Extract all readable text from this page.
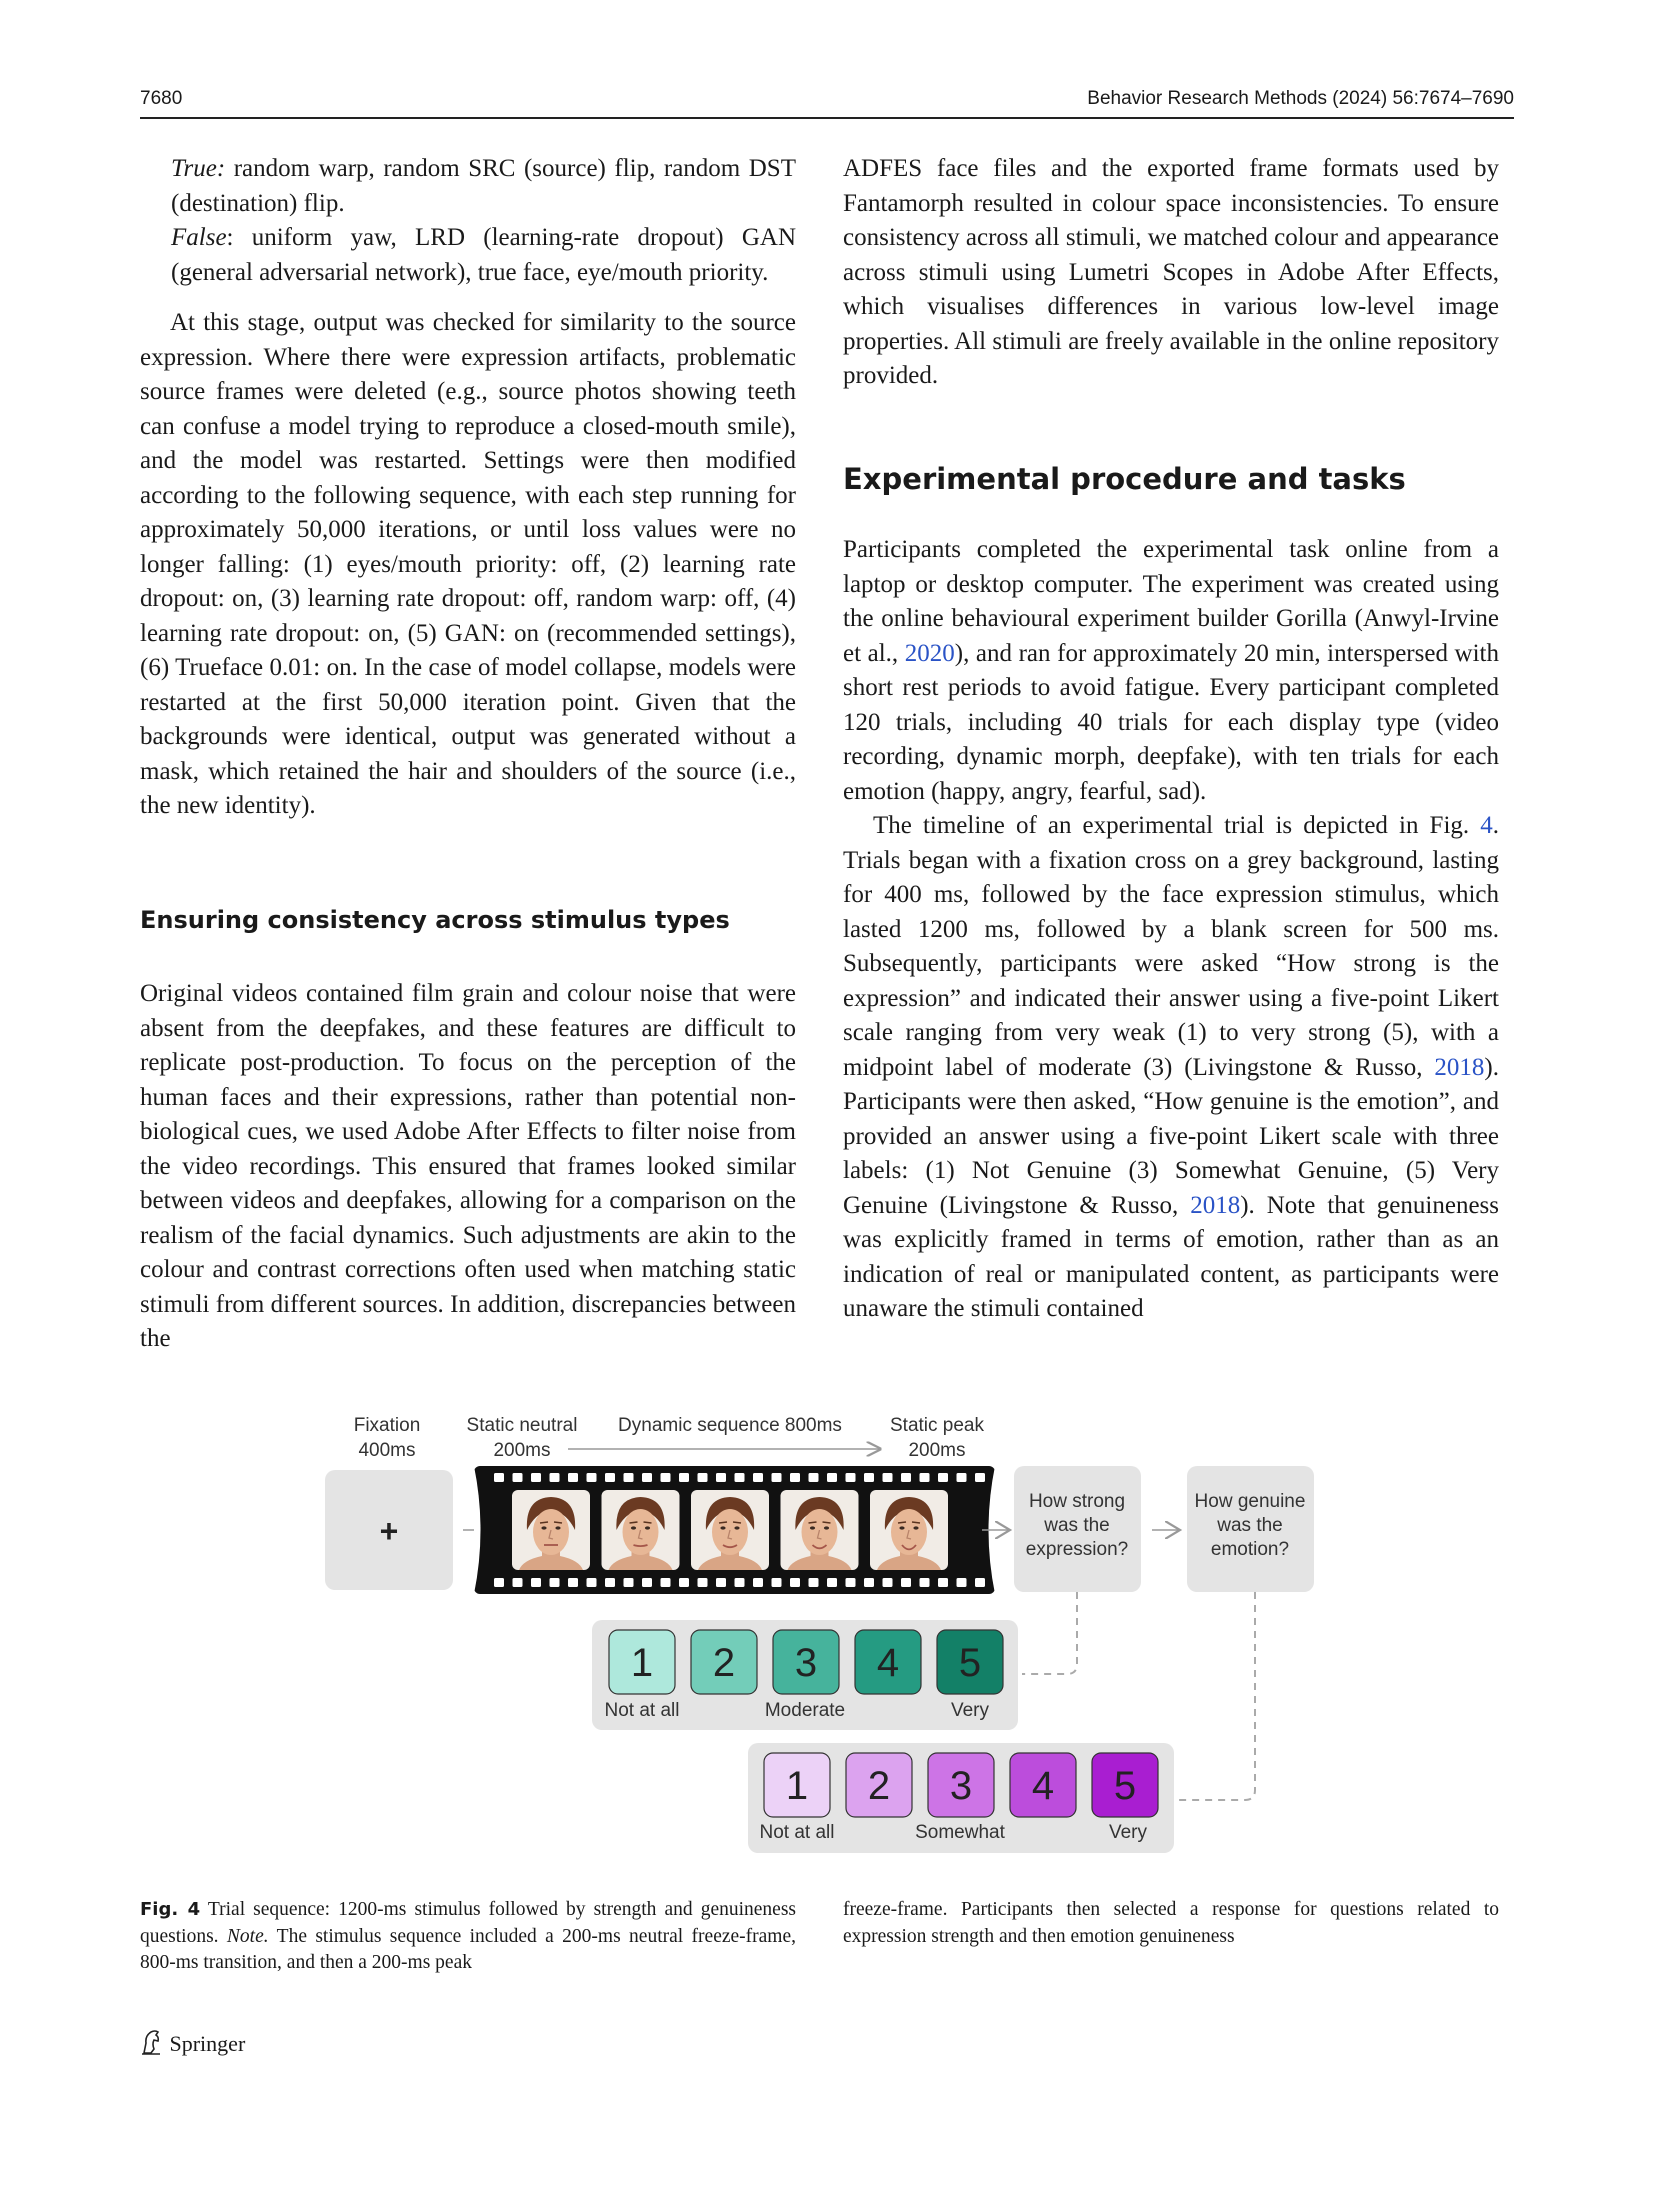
7680	Behavior Research Methods (2024) 56:7674–7690

True: random warp, random SRC (source) flip, random DST (destination) flip.

False: uniform yaw, LRD (learning-rate dropout) GAN (general adversarial network), true face, eye/mouth priority.

At this stage, output was checked for similarity to the source expression. Where there were expression artifacts, problematic source frames were deleted (e.g., source photos showing teeth can confuse a model trying to reproduce a closed-mouth smile), and the model was restarted. Settings were then modified according to the following sequence, with each step running for approximately 50,000 iterations, or until loss values were no longer falling: (1) eyes/mouth priority: off, (2) learning rate dropout: on, (3) learning rate dropout: off, random warp: off, (4) learning rate dropout: on, (5) GAN: on (recommended settings), (6) Trueface 0.01: on. In the case of model collapse, models were restarted at the first 50,000 iteration point. Given that the backgrounds were identical, output was generated without a mask, which retained the hair and shoulders of the source (i.e., the new identity).

Ensuring consistency across stimulus types

Original videos contained film grain and colour noise that were absent from the deepfakes, and these features are difficult to replicate post-production. To focus on the perception of the human faces and their expressions, rather than potential non-biological cues, we used Adobe After Effects to filter noise from the video recordings. This ensured that frames looked similar between videos and deepfakes, allowing for a comparison on the realism of the facial dynamics. Such adjustments are akin to the colour and contrast corrections often used when matching static stimuli from different sources. In addition, discrepancies between the

ADFES face files and the exported frame formats used by Fantamorph resulted in colour space inconsistencies. To ensure consistency across all stimuli, we matched colour and appearance across stimuli using Lumetri Scopes in Adobe After Effects, which visualises differences in various low-level image properties. All stimuli are freely available in the online repository provided.

Experimental procedure and tasks

Participants completed the experimental task online from a laptop or desktop computer. The experiment was created using the online behavioural experiment builder Gorilla (Anwyl-Irvine et al., 2020), and ran for approximately 20 min, interspersed with short rest periods to avoid fatigue. Every participant completed 120 trials, including 40 trials for each display type (video recording, dynamic morph, deepfake), with ten trials for each emotion (happy, angry, fearful, sad).

The timeline of an experimental trial is depicted in Fig. 4. Trials began with a fixation cross on a grey background, lasting for 400 ms, followed by the face expression stimulus, which lasted 1200 ms, followed by a blank screen for 500 ms. Subsequently, participants were asked “How strong is the expression” and indicated their answer using a five-point Likert scale ranging from very weak (1) to very strong (5), with a midpoint label of moderate (3) (Livingstone & Russo, 2018). Participants were then asked, “How genuine is the emotion”, and provided an answer using a five-point Likert scale with three labels: (1) Not Genuine (3) Somewhat Genuine, (5) Very Genuine (Livingstone & Russo, 2018). Note that genuineness was explicitly framed in terms of emotion, rather than as an indication of real or manipulated content, as participants were unaware the stimuli contained

Fixation
400ms
Static neutral
200ms
Dynamic sequence 800ms	Static peak
200ms
+
How strong
was the
expression?
How genuine
was the
emotion?
1 2 3 4 5
1 2 3 4 5
Not at all	Moderate	Very
Not at all	Somewhat	Very
Fig. 4 Trial sequence: 1200-ms stimulus followed by strength and genuineness questions. Note. The stimulus sequence included a 200-ms neutral freeze-frame, 800-ms transition, and then a 200-ms peak
freeze-frame. Participants then selected a response for questions related to expression strength and then emotion genuineness
Springer
